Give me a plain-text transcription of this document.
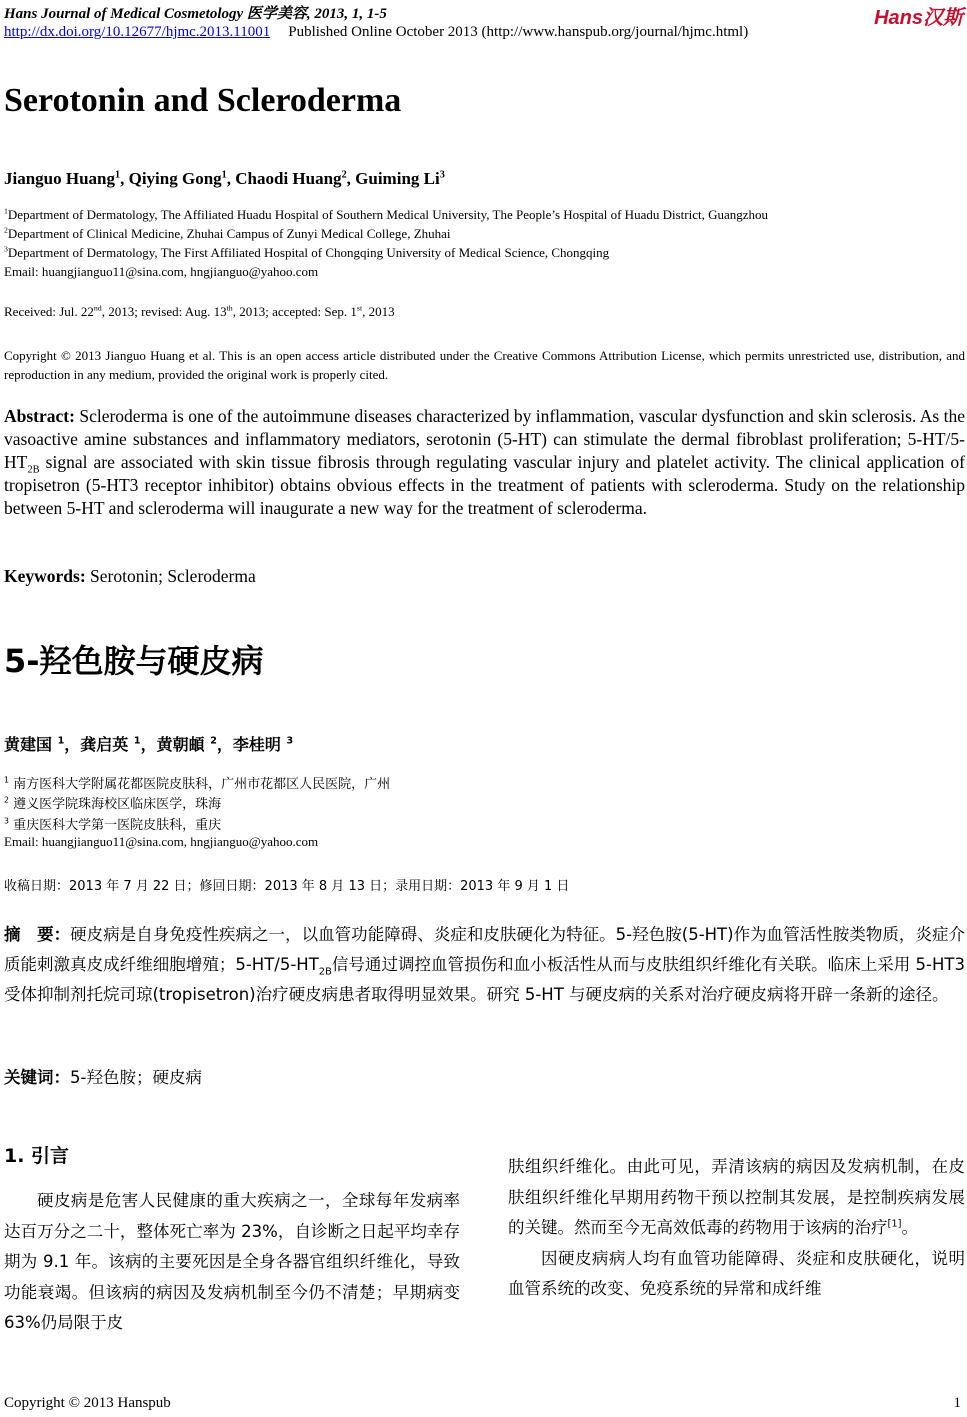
Hans Journal of Medical Cosmetology 医学美容, 2013, 1, 1-5
http://dx.doi.org/10.12677/hjmc.2013.11001 Published Online October 2013 (http://www.hanspub.org/journal/hjmc.html)
Hans汉斯
Serotonin and Scleroderma
Jianguo Huang$^1$, Qiying Gong$^1$, Chaodi Huang$^2$, Guiming Li$^3$
$^1$Department of Dermatology, The Affiliated Huadu Hospital of Southern Medical University, The People’s Hospital of Huadu District, Guangzhou
$^2$Department of Clinical Medicine, Zhuhai Campus of Zunyi Medical College, Zhuhai
$^3$Department of Dermatology, The First Affiliated Hospital of Chongqing University of Medical Science, Chongqing
Email: huangjianguo11@sina.com, hngjianguo@yahoo.com
Received: Jul. 22nd, 2013; revised: Aug. 13th, 2013; accepted: Sep. 1st, 2013
Copyright © 2013 Jianguo Huang et al. This is an open access article distributed under the Creative Commons Attribution License, which permits unrestricted use, distribution, and reproduction in any medium, provided the original work is properly cited.
Abstract: Scleroderma is one of the autoimmune diseases characterized by inflammation, vascular dysfunction and skin sclerosis. As the vasoactive amine substances and inflammatory mediators, serotonin (5-HT) can stimulate the dermal fibroblast proliferation; $5-HT/5-HT_{2B}$ signal are associated with skin tissue fibrosis through regulating vascular injury and platelet activity. The clinical application of tropisetron (5-HT3 receptor inhibitor) obtains obvious effects in the treatment of patients with scleroderma. Study on the relationship between 5-HT and scleroderma will inaugurate a new way for the treatment of scleroderma.
Keywords: Serotonin; Scleroderma
5-羟色胺与硬皮病
黄建国 $^1$，龚启英 $^1$，黄朝頔 $^2$，李桂明 $^3$
$^1$ 南方医科大学附属花都医院皮肤科，广州市花都区人民医院，广州
$^2$ 遵义医学院珠海校区临床医学，珠海
$^3$ 重庆医科大学第一医院皮肤科，重庆
Email: huangjianguo11@sina.com, hngjianguo@yahoo.com
收稿日期：2013 年 7 月 22 日；修回日期：2013 年 8 月 13 日；录用日期：2013 年 9 月 1 日
摘　要：硬皮病是自身免疫性疾病之一，以血管功能障碍、炎症和皮肤硬化为特征。5-羟色胺(5-HT)作为血管活性胺类物质，炎症介质能刺激真皮成纤维细胞增殖；$5-HT/5-HT_{2B}$信号通过调控血管损伤和血小板活性从而与皮肤组织纤维化有关联。临床上采用 5-HT3 受体抑制剂托烷司琼(tropisetron)治疗硬皮病患者取得明显效果。研究 5-HT 与硬皮病的关系对治疗硬皮病将开辟一条新的途径。
关键词：5-羟色胺；硬皮病
1. 引言

硬皮病是危害人民健康的重大疾病之一，全球每年发病率达百万分之二十，整体死亡率为 23%，自诊断之日起平均幸存期为 9.1 年。该病的主要死因是全身各器官组织纤维化，导致功能衰竭。但该病的病因及发病机制至今仍不清楚；早期病变 63%仍局限于皮

肤组织纤维化。由此可见，弄清该病的病因及发病机制，在皮肤组织纤维化早期用药物干预以控制其发展，是控制疾病发展的关键。然而至今无高效低毒的药物用于该病的治疗[1]。

因硬皮病病人均有血管功能障碍、炎症和皮肤硬化，说明血管系统的改变、免疫系统的异常和成纤维

Copyright © 2013 Hanspub	1
